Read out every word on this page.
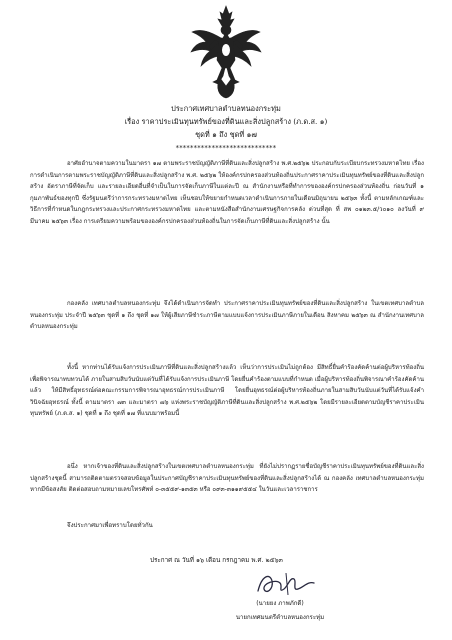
ประกาศเทศบาลตำบลทนองกระทุ่ม
เรื่อง ราคาประเมินทุนทรัพย์ของที่ดินและสิ่งปลูกสร้าง (ภ.ด.ส. ๑)
ชุดที่ ๑ ถึง ชุดที่ ๑๗
****************************
อาศัยอำนาจตามความในมาตรา ๑๗ ตามพระราชบัญญัติภาษีที่ดินและสิ่งปลูกสร้าง พ.ศ.๒๕๖๒ ประกอบกับระเบียบกระทรวงมหาดไทย เรื่อง การดำเนินการตามพระราชบัญญัติภาษีที่ดินและสิ่งปลูกสร้าง พ.ศ. ๒๕๖๒ ให้องค์กรปกครองส่วนท้องถิ่นประกาศราคาประเมินทุนทรัพย์ของที่ดินและสิ่งปลูกสร้าง อัตราภาษีที่จัดเก็บ และรายละเอียดอื่นที่จำเป็นในการจัดเก็บภาษีในแต่ละปี ณ สำนักงานหรือที่ทำการขององค์กรปกครองส่วนท้องถิ่น ก่อนวันที่ ๑ กุมภาพันธ์ของทุกปี ซึ่งรัฐมนตรีว่าการกระทรวงมหาดไทย เห็นชอบให้ขยายกำหนดเวลาดำเนินการภายในเดือนมิถุนายน ๒๕๖๓ ทั้งนี้ ตามหลักเกณฑ์และวิธีการที่กำหนดในกฎกระทรวงและประกาศกระทรวงมหาดไทย และตามหนังสือสำนักงานเศรษฐกิจการคลัง ด่วนที่สุด ที่ สพ ๐๑๒๓.๕/ว๐๑๐ ลงวันที่ ๙ มีนาคม ๒๕๖๓ เรื่อง การเตรียมความพร้อมขององค์กรปกครองส่วนท้องถิ่นในการจัดเก็บภาษีที่ดินและสิ่งปลูกสร้าง นั้น
กองคลัง เทศบาลตำบลหนองกระทุ่ม จึงได้ดำเนินการจัดทำ ประกาศราคาประเมินทุนทรัพย์ของที่ดินและสิ่งปลูกสร้าง ในเขตเทศบาลตำบลหนองกระทุ่ม ประจำปี ๒๕๖๓ ชุดที่ ๑ ถึง ชุดที่ ๑๗ ให้ผู้เสียภาษีชำระภาษีตามแบบแจ้งการประเมินภาษีภายในเดือน สิงหาคม ๒๕๖๓ ณ สำนักงานเทศบาลตำบลหนองกระทุ่ม
ทั้งนี้ หากท่านได้รับแจ้งการประเมินภาษีที่ดินและสิ่งปลูกสร้างแล้ว เห็นว่าการประเมินไม่ถูกต้อง มีสิทธิ์ยื่นคำร้องคัดค้านต่อผู้บริหารท้องถิ่นเพื่อพิจารณาทบทวนได้ ภายในสามสิบวันนับแต่วันที่ได้รับแจ้งการประเมินภาษี โดยยื่นคำร้องตามแบบที่กำหนด เมื่อผู้บริหารท้องถิ่นพิจารณาคำร้องคัดค้านแล้ว ให้มีสิทธิ์อุทธรณ์ต่อคณะกรรมการพิจารณาอุทธรณ์การประเมินภาษี โดยยื่นอุทธรณ์ต่อผู้บริหารท้องถิ่นภายในสามสิบวันนับแต่วันที่ได้รับแจ้งคำวินิจฉัยอุทธรณ์ ทั้งนี้ ตามมาตรา ๗๓ และมาตรา ๗๖ แห่งพระราชบัญญัติภาษีที่ดินและสิ่งปลูกสร้าง พ.ศ.๒๕๖๒ โดยมีรายละเอียดตามบัญชีราคาประเมินทุนทรัพย์ (ภ.ด.ส. ๑) ชุดที่ ๑ ถึง ชุดที่ ๑๗ ที่แนบมาพร้อมนี้
อนึ่ง หากเจ้าของที่ดินและสิ่งปลูกสร้างในเขตเทศบาลตำบลหนองกระทุ่ม ที่ยังไม่ปรากฏรายชื่อบัญชีราคาประเมินทุนทรัพย์ของที่ดินและสิ่งปลูกสร้างชุดนี้ สามารถติดตามตรวจสอบข้อมูลในประกาศบัญชีราคาประเมินทุนทรัพย์ของที่ดินและสิ่งปลูกสร้างได้ ณ กองคลัง เทศบาลตำบลหนองกระทุ่ม หากมีข้อสงสัย ติดต่อสอบถามหมายเลขโทรศัพท์ ๐-๓๕๕๙-๑๓๕๓ หรือ ๐๙๓-๓๑๑๙๕๕๔ ในวันและเวลาราชการ
จึงประกาศมาเพื่อทราบโดยทั่วกัน
ประกาศ ณ วันที่ ๑๖ เดือน กรกฎาคม พ.ศ. ๒๕๖๓
(นายยง ภาพภักดี)
นายกเทศมนตรีตำบลหนองกระทุ่ม
